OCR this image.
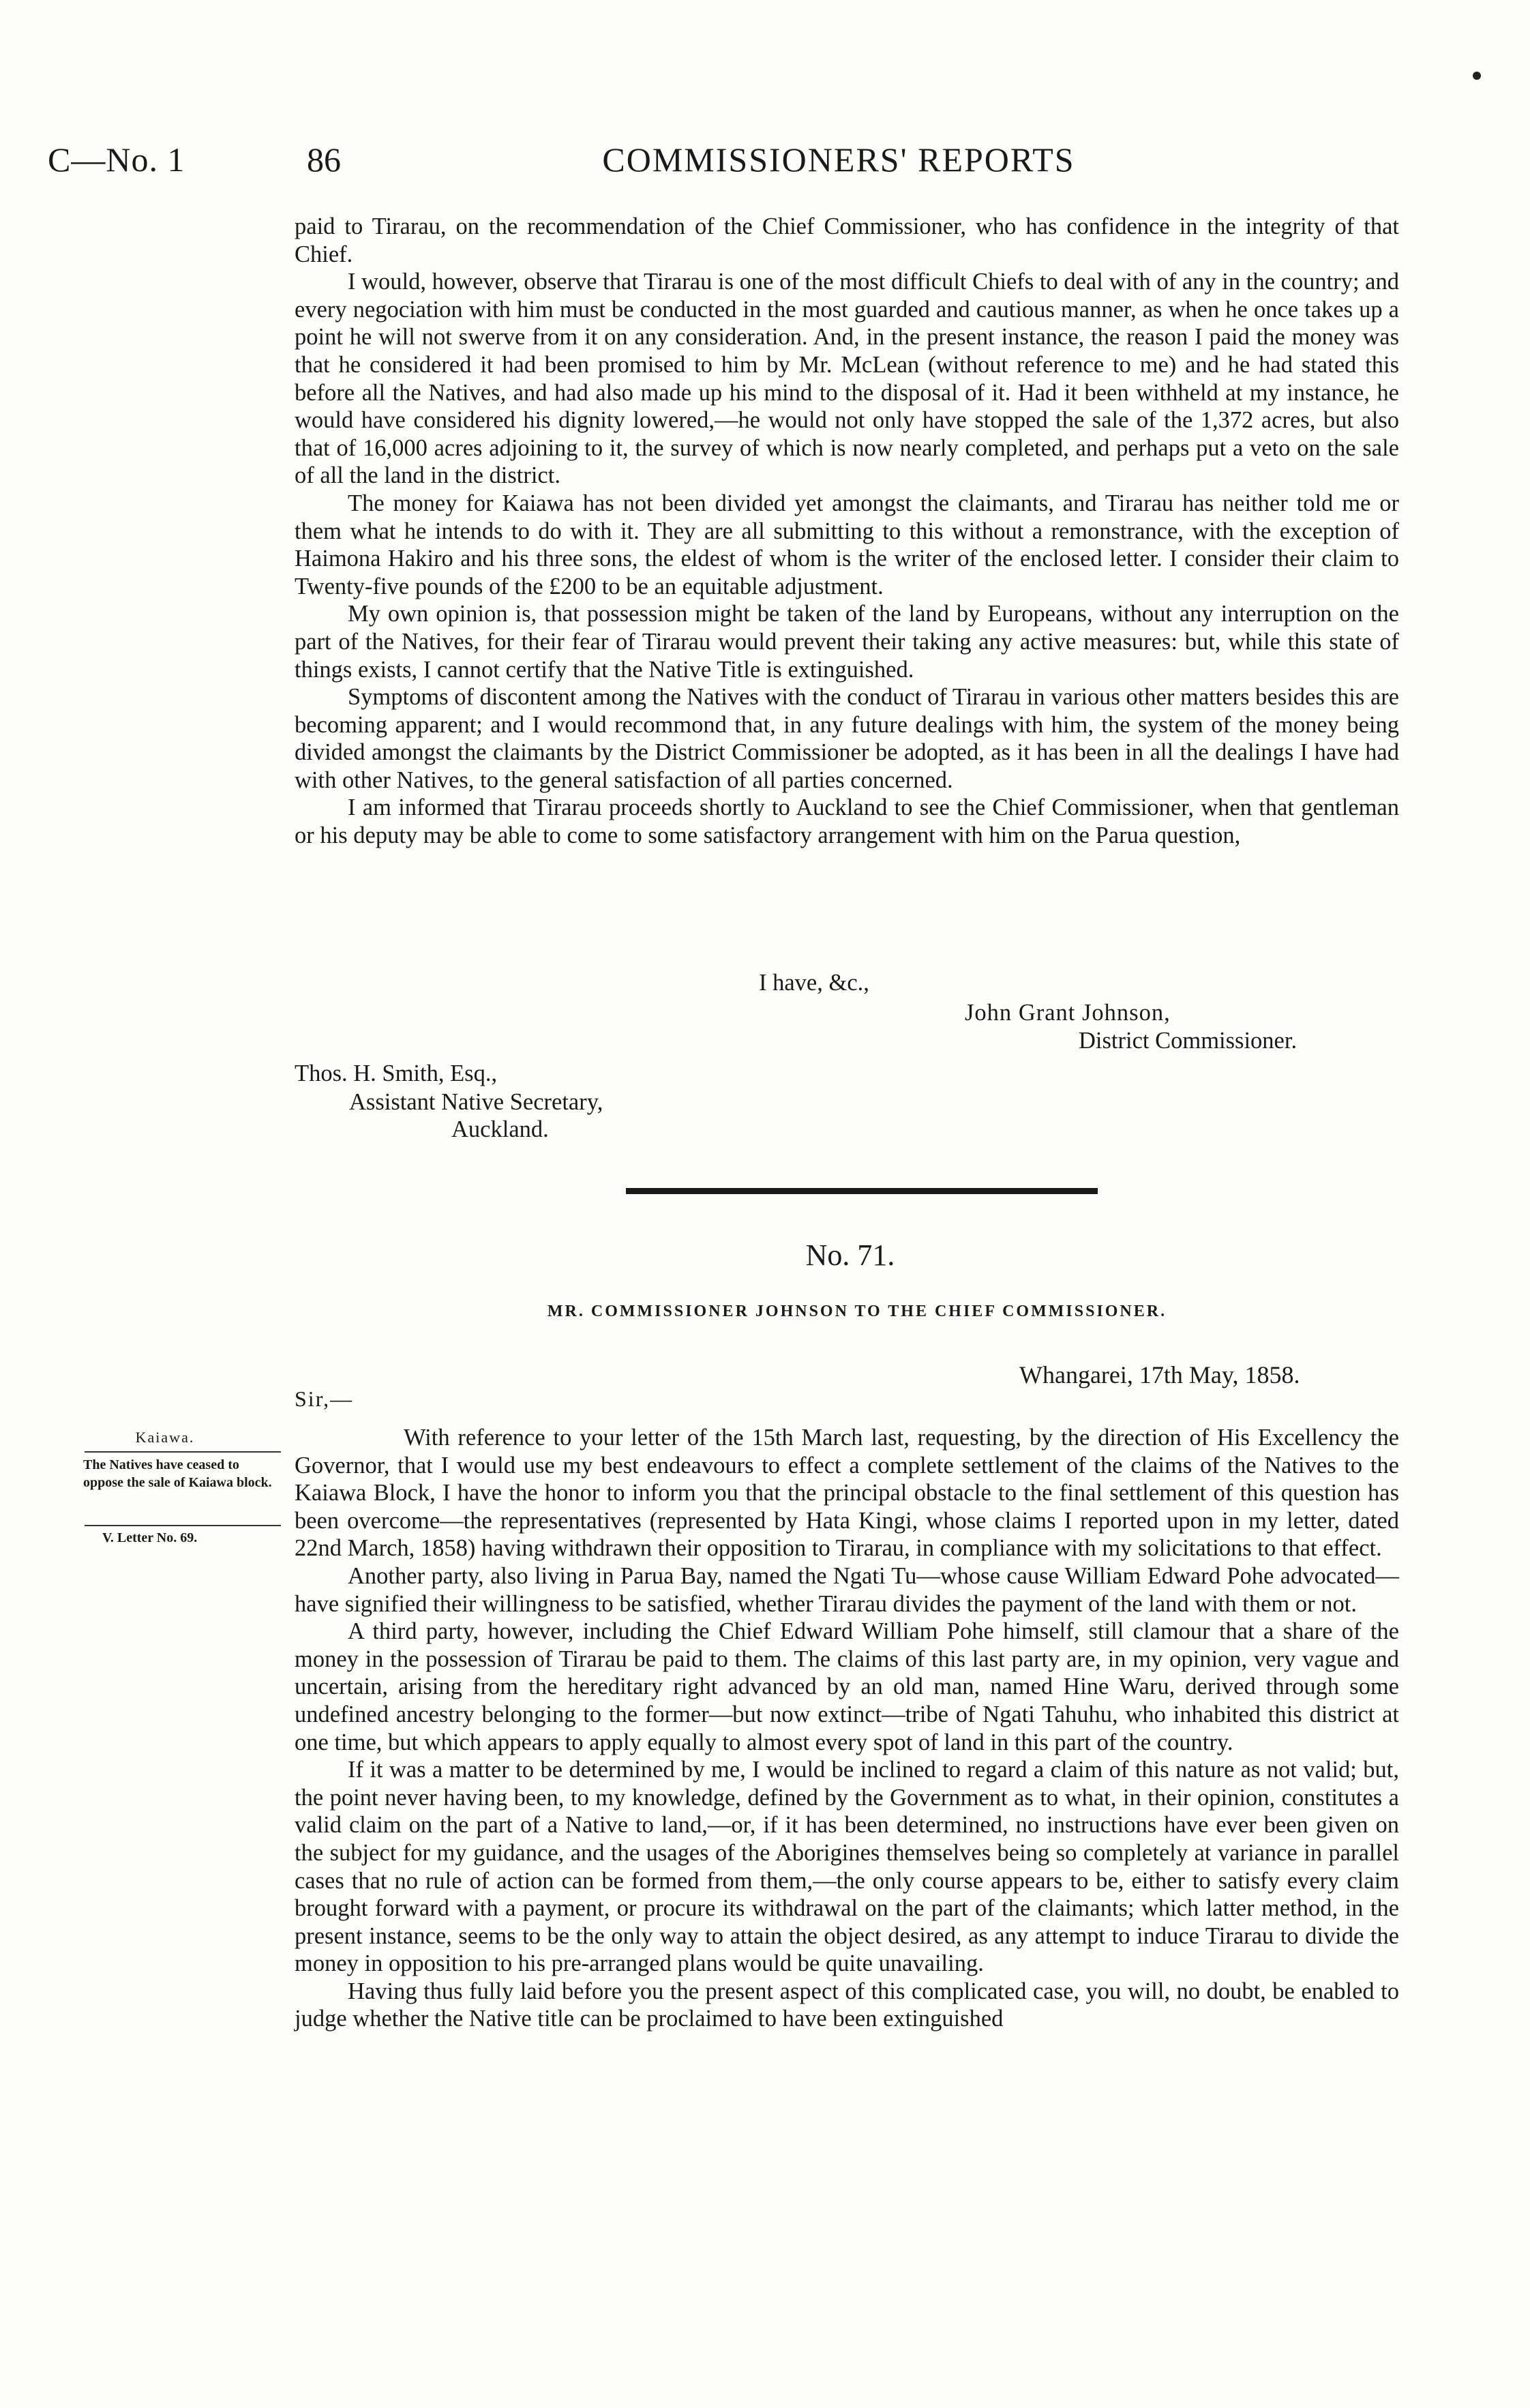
C—No. 1	86	COMMISSIONERS' REPORTS

paid to Tirarau, on the recommendation of the Chief Commissioner, who has confidence in the integrity of that Chief.

I would, however, observe that Tirarau is one of the most difficult Chiefs to deal with of any in the country; and every negociation with him must be conducted in the most guarded and cautious manner, as when he once takes up a point he will not swerve from it on any consideration. And, in the present instance, the reason I paid the money was that he considered it had been promised to him by Mr. McLean (without reference to me) and he had stated this before all the Natives, and had also made up his mind to the disposal of it. Had it been withheld at my instance, he would have considered his dignity lowered,—he would not only have stopped the sale of the 1,372 acres, but also that of 16,000 acres adjoining to it, the survey of which is now nearly completed, and perhaps put a veto on the sale of all the land in the district.

The money for Kaiawa has not been divided yet amongst the claimants, and Tirarau has neither told me or them what he intends to do with it. They are all submitting to this without a remonstrance, with the exception of Haimona Hakiro and his three sons, the eldest of whom is the writer of the enclosed letter. I consider their claim to Twenty-five pounds of the £200 to be an equitable adjustment.

My own opinion is, that possession might be taken of the land by Europeans, without any interruption on the part of the Natives, for their fear of Tirarau would prevent their taking any active measures: but, while this state of things exists, I cannot certify that the Native Title is extinguished.

Symptoms of discontent among the Natives with the conduct of Tirarau in various other matters besides this are becoming apparent; and I would recommond that, in any future dealings with him, the system of the money being divided amongst the claimants by the District Commissioner be adopted, as it has been in all the dealings I have had with other Natives, to the general satisfaction of all parties concerned.

I am informed that Tirarau proceeds shortly to Auckland to see the Chief Commissioner, when that gentleman or his deputy may be able to come to some satisfactory arrangement with him on the Parua question,

I have, &c.,
John Grant Johnson,
District Commissioner.
Thos. H. Smith, Esq.,
Assistant Native Secretary,
Auckland.
No. 71.
MR. COMMISSIONER JOHNSON TO THE CHIEF COMMISSIONER.
Whangarei, 17th May, 1858.
Sir,—

With reference to your letter of the 15th March last, requesting, by the direction of His Excellency the Governor, that I would use my best endeavours to effect a complete settlement of the claims of the Natives to the Kaiawa Block, I have the honor to inform you that the principal obstacle to the final settlement of this question has been overcome—the representatives (represented by Hata Kingi, whose claims I reported upon in my letter, dated 22nd March, 1858) having withdrawn their opposition to Tirarau, in compliance with my solicitations to that effect.

Another party, also living in Parua Bay, named the Ngati Tu—whose cause William Edward Pohe advocated—have signified their willingness to be satisfied, whether Tirarau divides the payment of the land with them or not.

A third party, however, including the Chief Edward William Pohe himself, still clamour that a share of the money in the possession of Tirarau be paid to them. The claims of this last party are, in my opinion, very vague and uncertain, arising from the hereditary right advanced by an old man, named Hine Waru, derived through some undefined ancestry belonging to the former—but now extinct—tribe of Ngati Tahuhu, who inhabited this district at one time, but which appears to apply equally to almost every spot of land in this part of the country.

If it was a matter to be determined by me, I would be inclined to regard a claim of this nature as not valid; but, the point never having been, to my knowledge, defined by the Government as to what, in their opinion, constitutes a valid claim on the part of a Native to land,—or, if it has been determined, no instructions have ever been given on the subject for my guidance, and the usages of the Aborigines themselves being so completely at variance in parallel cases that no rule of action can be formed from them,—the only course appears to be, either to satisfy every claim brought forward with a payment, or procure its withdrawal on the part of the claimants; which latter method, in the present instance, seems to be the only way to attain the object desired, as any attempt to induce Tirarau to divide the money in opposition to his pre-arranged plans would be quite unavailing.

Having thus fully laid before you the present aspect of this complicated case, you will, no doubt, be enabled to judge whether the Native title can be proclaimed to have been extinguished

Kaiawa.
The Natives have ceased to oppose the sale of Kaiawa block.
V. Letter No. 69.
